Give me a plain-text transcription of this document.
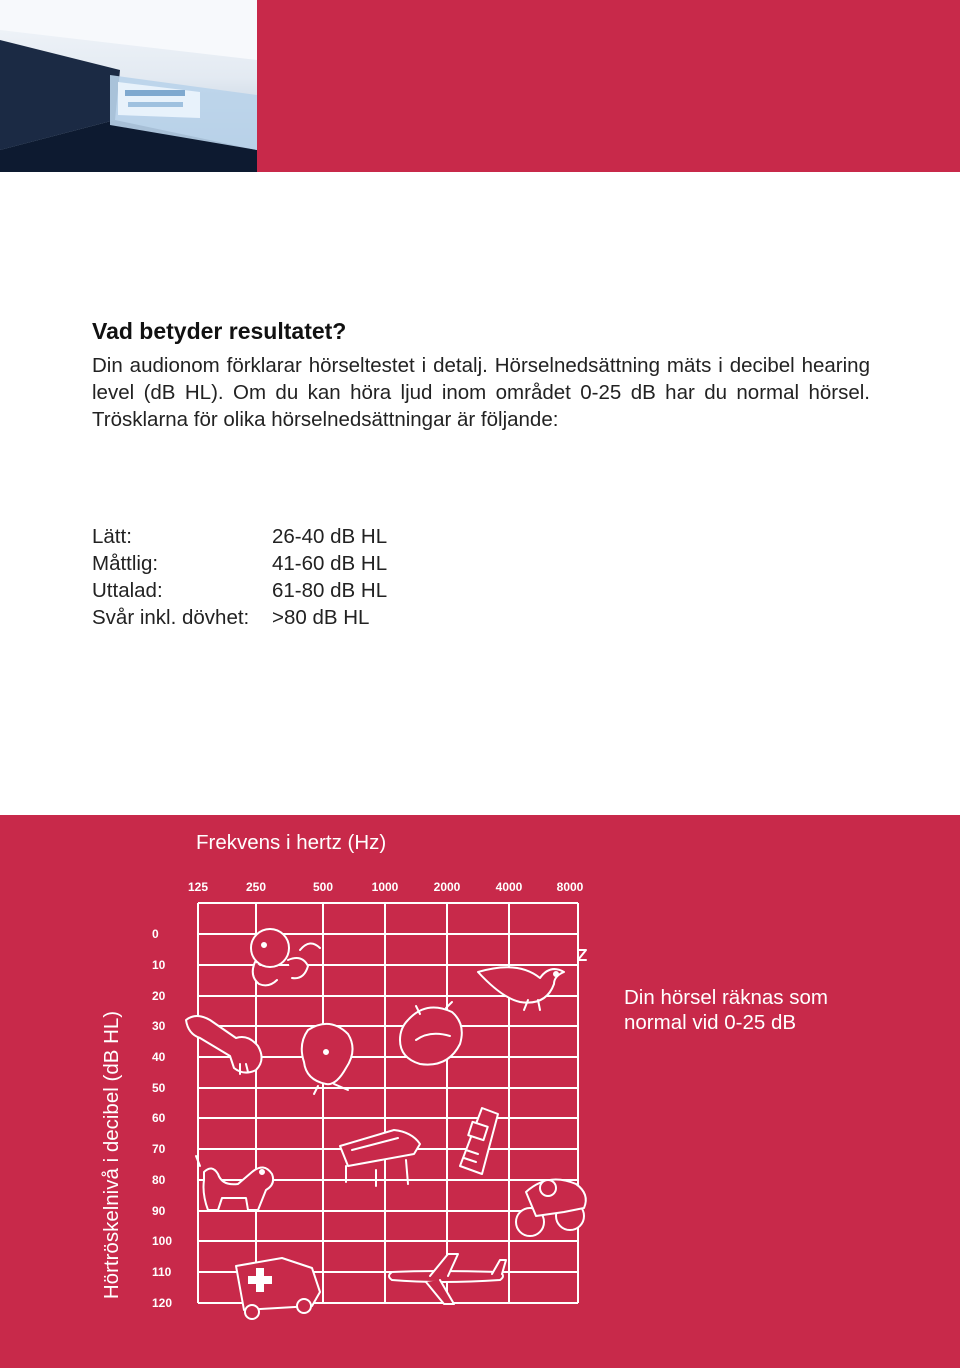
Vad betyder resultatet?

Din audionom förklarar hörseltestet i detalj. Hörselnedsättning mäts i decibel hearing level (dB HL). Om du kan höra ljud inom området 0-25 dB har du normal hörsel. Trösklarna för olika hörselnedsättningar är följande:

Lätt:	26-40 dB HL
Måttlig:	41-60 dB HL
Uttalad:	61-80 dB HL
Svår inkl. dövhet: >80 dB HL
Frekvens i hertz (Hz)
125	250	500	1000	2000	4000	8000
0
10
20
30
40
50
60
70
80
90
100
110
120
Hörtröskelnivå i decibel (dB HL)
Din hörsel räknas som normal vid 0-25 dB
